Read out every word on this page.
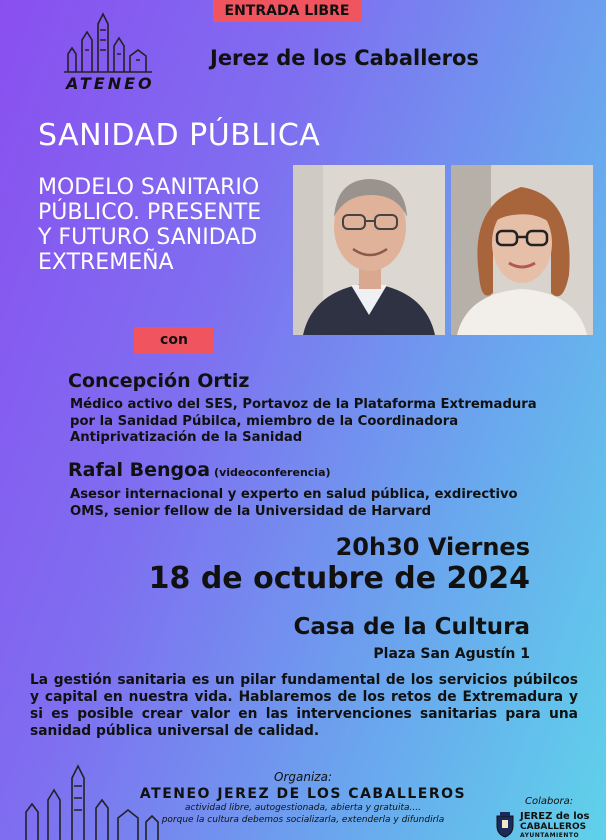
ENTRADA LIBRE
ATENEO
Jerez de los Caballeros
SANIDAD PÚBLICA
MODELO SANITARIO
PÚBLICO. PRESENTE
Y FUTURO SANIDAD
EXTREMEÑA
con
Concepción Ortiz
Médico activo del SES, Portavoz de la Plataforma Extremadura
por la Sanidad Púbilca, miembro de la Coordinadora
Antiprivatización de la Sanidad
Rafal Bengoa (videoconferencia)
Asesor internacional y experto en salud pública, exdirectivo
OMS, senior fellow de la Universidad de Harvard
20h30 Viernes
18 de octubre de 2024
Casa de la Cultura
Plaza San Agustín 1
La gestión sanitaria es un pilar fundamental de los servicios púbilcos y capital en nuestra vida. Hablaremos de los retos de Extremadura y si es posible crear valor en las intervenciones sanitarias para una sanidad pública universal de calidad.
Organiza:
ATENEO JEREZ DE LOS CABALLEROS
actividad libre, autogestionada, abierta y gratuita....
porque la cultura debemos socializarla, extenderla y difundirla
Colabora:
JEREZ de los
CABALLEROS
AYUNTAMIENTO
